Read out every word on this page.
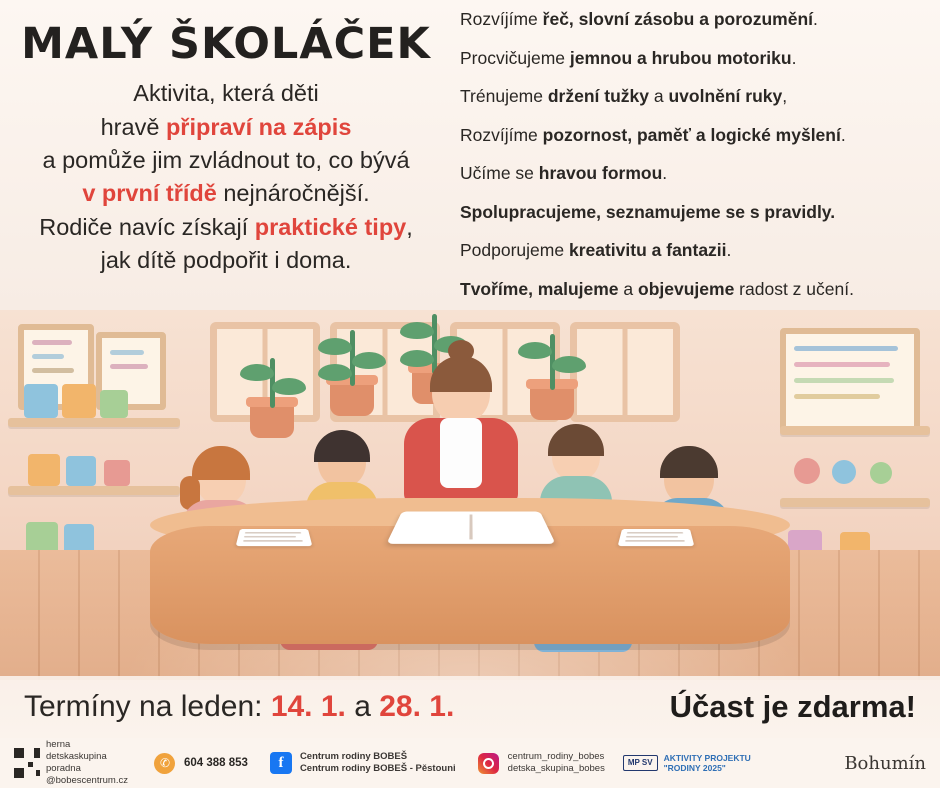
MALÝ ŠKOLÁČEK
Aktivita, která děti
hravě připraví na zápis
a pomůže jim zvládnout to, co bývá
v první třídě nejnáročnější.
Rodiče navíc získají praktické tipy,
jak dítě podpořit i doma.
Rozvíjíme řeč, slovní zásobu a porozumění.
Procvičujeme jemnou a hrubou motoriku.
Trénujeme držení tužky a uvolnění ruky,
Rozvíjíme pozornost, paměť a logické myšlení.
Učíme se hravou formou.
Spolupracujeme, seznamujeme se s pravidly.
Podporujeme kreativitu a fantazii.
Tvoříme, malujeme a objevujeme radost z učení.
Termíny na leden: 14. 1. a 28. 1.	Účast je zdarma!
herna
detskaskupina
poradna
@bobescentrum.cz
✆	604 388 853	f	Centrum rodiny BOBEŠ
Centrum rodiny BOBEŠ - Pěstouni
centrum_rodiny_bobes
detska_skupina_bobes
MP SV	AKTIVITY PROJEKTU
"RODINY 2025"	Bohumín
